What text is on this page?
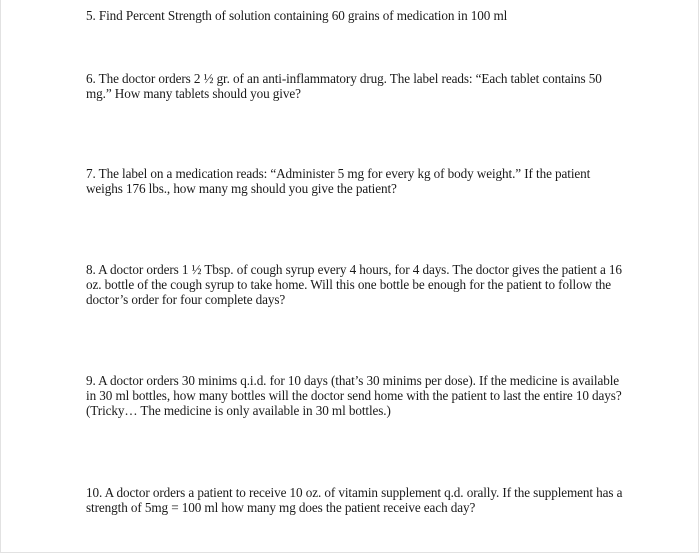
5. Find Percent Strength of solution containing 60 grains of medication in 100 ml

6. The doctor orders 2 ½ gr. of an anti-inflammatory drug. The label reads: “Each tablet contains 50 mg.” How many tablets should you give?

7. The label on a medication reads: “Administer 5 mg for every kg of body weight.” If the patient weighs 176 lbs., how many mg should you give the patient?

8. A doctor orders 1 ½ Tbsp. of cough syrup every 4 hours, for 4 days. The doctor gives the patient a 16 oz. bottle of the cough syrup to take home. Will this one bottle be enough for the patient to follow the doctor’s order for four complete days?

9. A doctor orders 30 minims q.i.d. for 10 days (that’s 30 minims per dose). If the medicine is available in 30 ml bottles, how many bottles will the doctor send home with the patient to last the entire 10 days? (Tricky… The medicine is only available in 30 ml bottles.)

10. A doctor orders a patient to receive 10 oz. of vitamin supplement q.d. orally. If the supplement has a strength of 5mg = 100 ml how many mg does the patient receive each day?
